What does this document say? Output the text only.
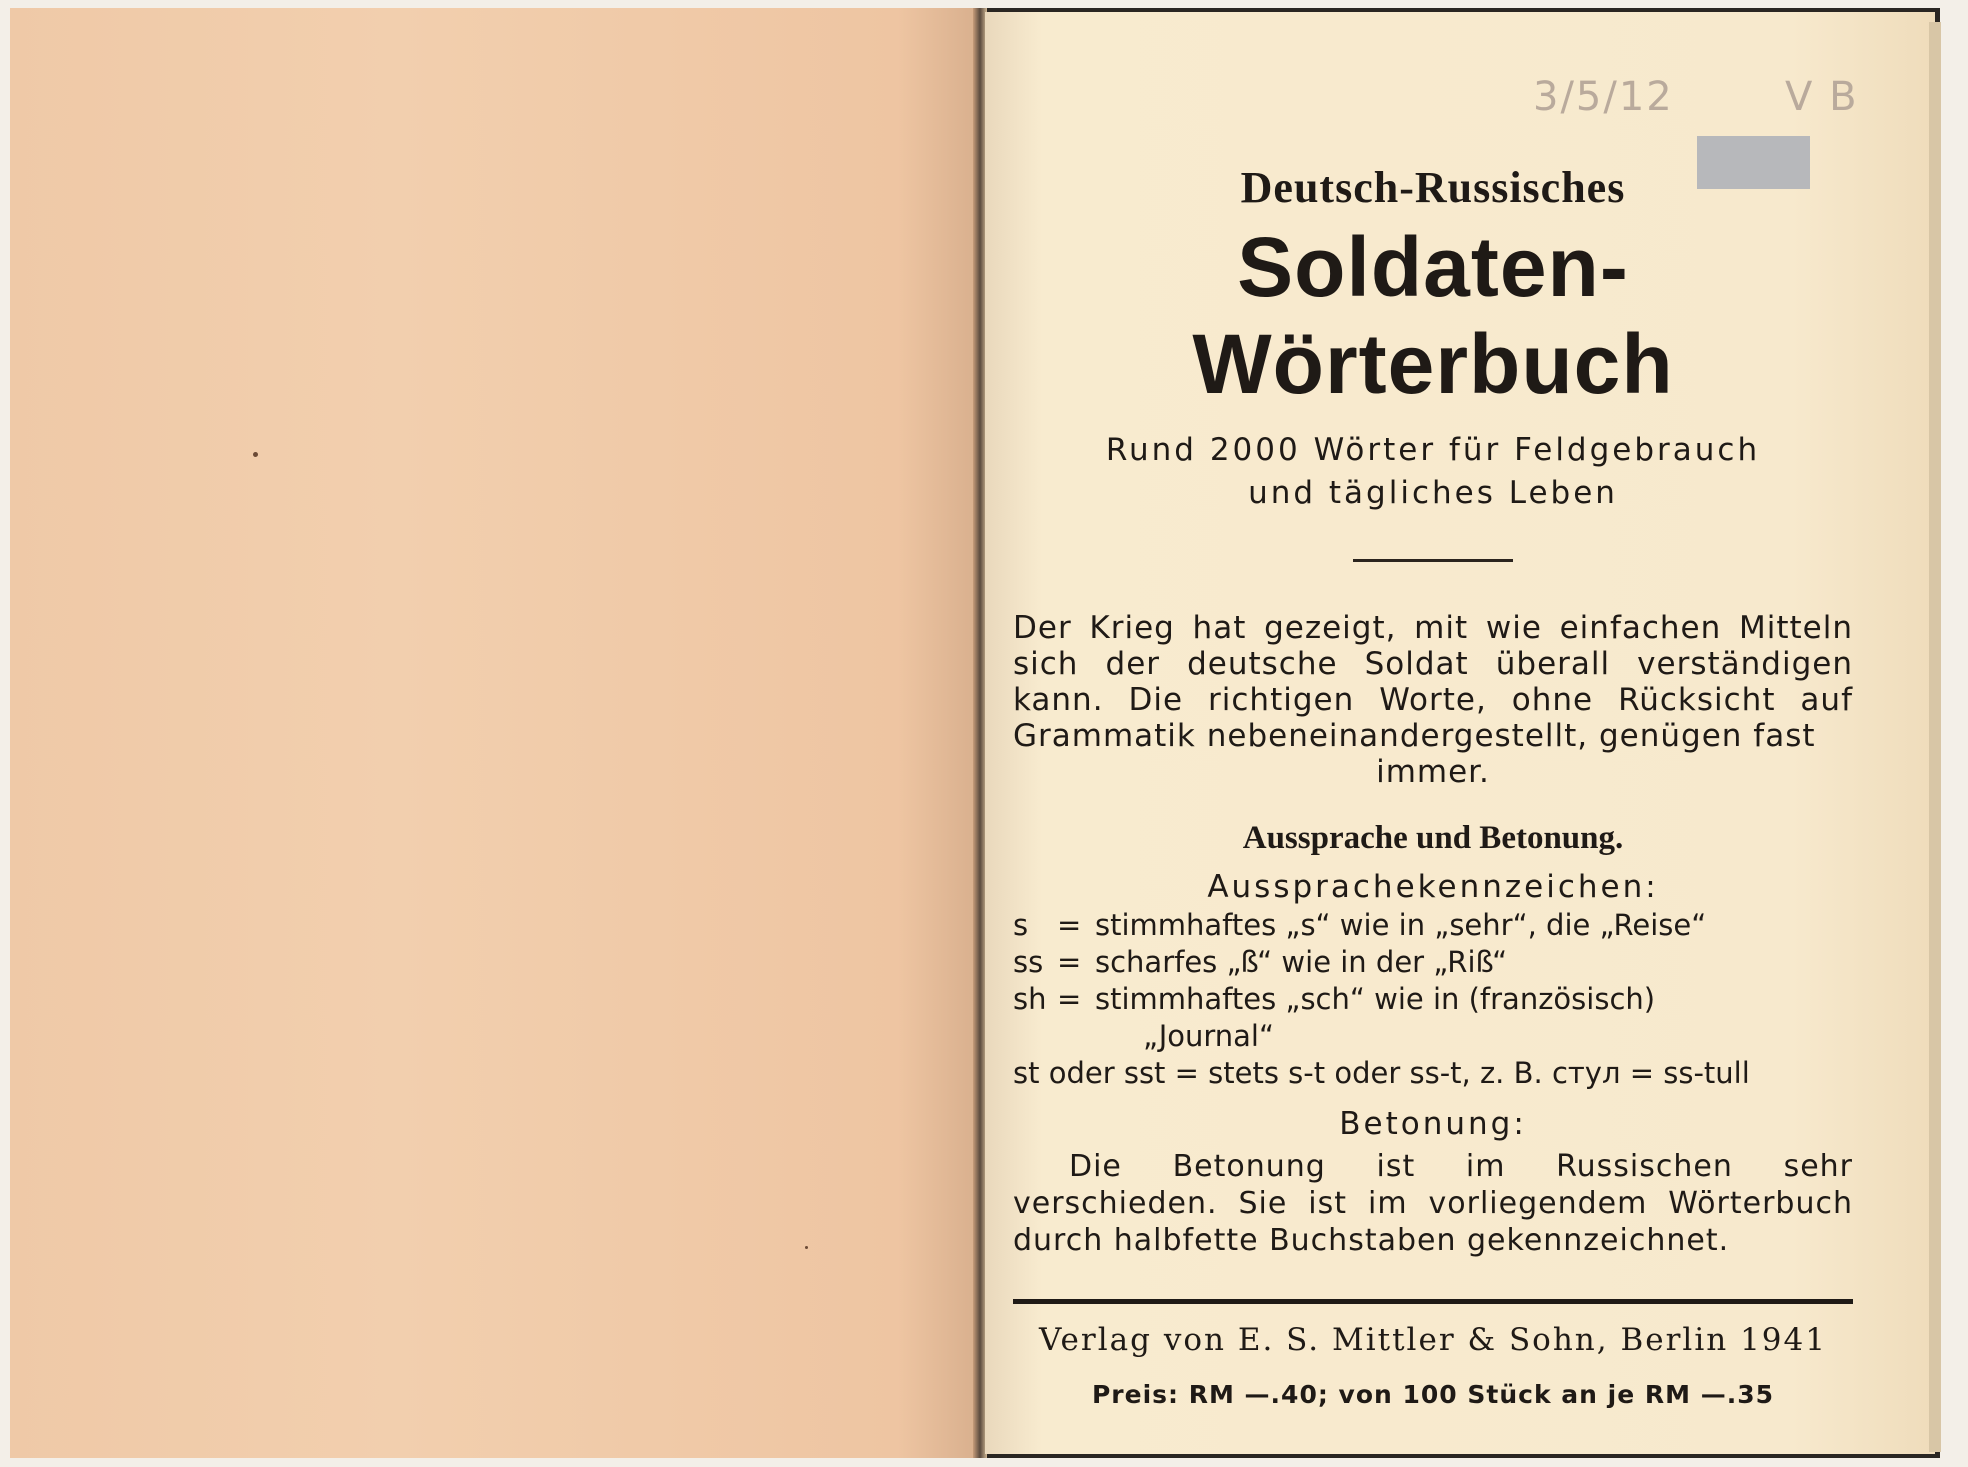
3/5/12	V B
Deutsch-Russisches
Soldaten-Wörterbuch
Rund 2000 Wörter für Feldgebrauch
und tägliches Leben
Der Krieg hat gezeigt, mit wie einfachen Mitteln sich der deutsche Soldat überall verständigen kann. Die richtigen Worte, ohne Rücksicht auf Grammatik nebeneinandergestellt, genügen fast
immer.
Aussprache und Betonung.
Aussprachekennzeichen:
s = stimmhaftes „s“ wie in „sehr“, die „Reise“
ss = scharfes „ß“ wie in der „Riß“
sh = stimmhaftes „sch“ wie in (französisch)
„Journal“
st oder sst = stets s-t oder ss-t, z. B. стул = ss-tull
Betonung:
Die Betonung ist im Russischen sehr verschieden. Sie ist im vorliegendem Wörterbuch durch halbfette Buchstaben gekennzeichnet.
Verlag von E. S. Mittler & Sohn, Berlin 1941
Preis: RM —.40; von 100 Stück an je RM —.35
